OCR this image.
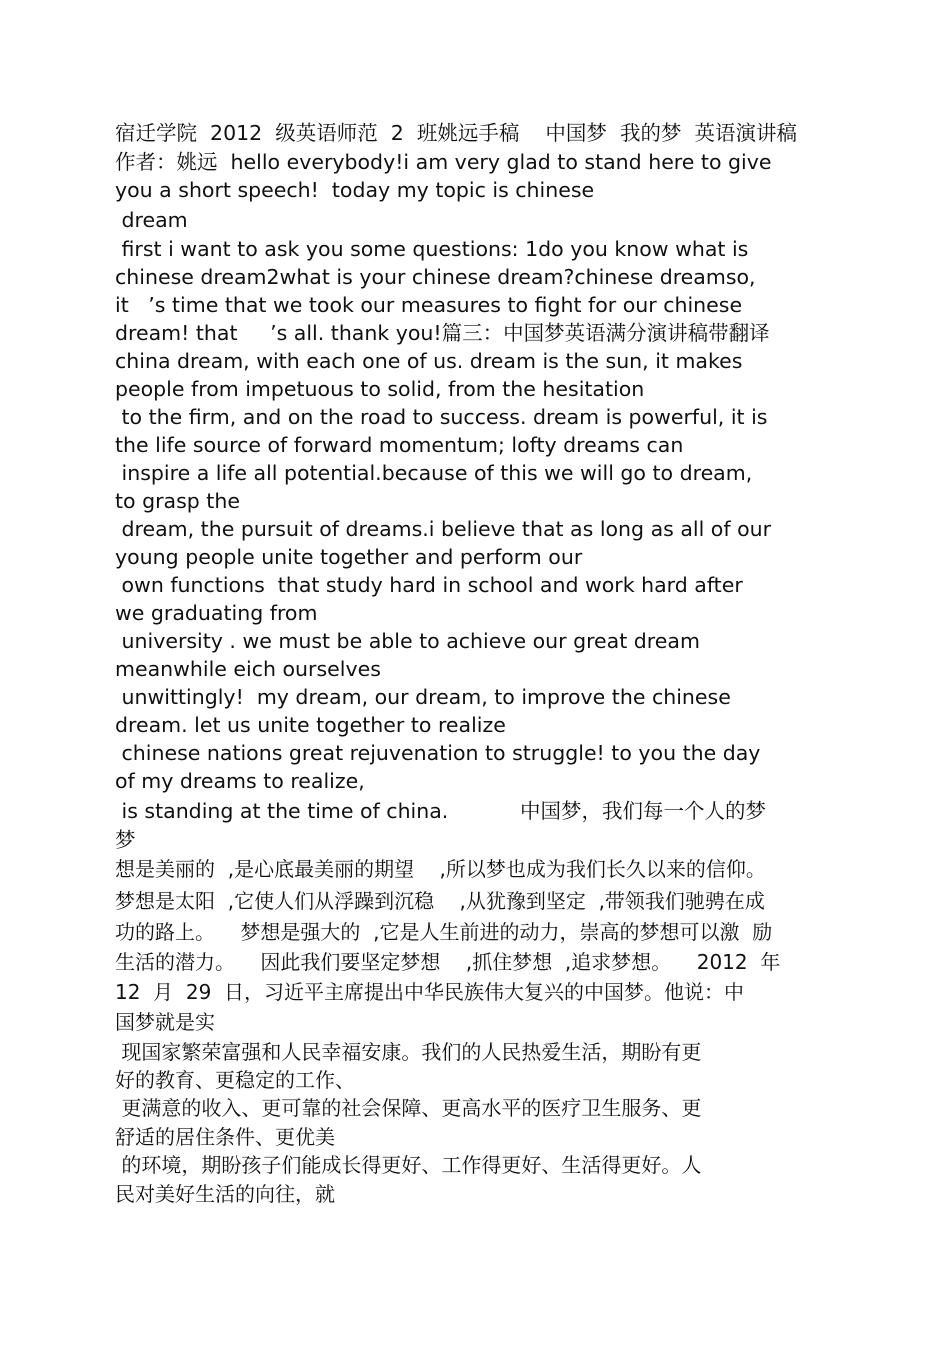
宿迁学院  2012  级英语师范  2  班姚远手稿    中国梦  我的梦  英语演讲稿
作者：姚远  hello everybody!i am very glad to stand here to give
you a short speech!  today my topic is chinese
dream
first i want to ask you some questions: 1do you know what is
chinese dream2what is your chinese dream?chinese dreamso,
it   ’s time that we took our measures to fight for our chinese
dream! that     ’s all. thank you!篇三：中国梦英语满分演讲稿带翻译
china dream, with each one of us. dream is the sun, it makes
people from impetuous to solid, from the hesitation
to the firm, and on the road to success. dream is powerful, it is
the life source of forward momentum; lofty dreams can
inspire a life all potential.because of this we will go to dream,
to grasp the
dream, the pursuit of dreams.i believe that as long as all of our
young people unite together and perform our
own functions  that study hard in school and work hard after
we graduating from
university . we must be able to achieve our great dream
meanwhile eich ourselves
unwittingly!  my dream, our dream, to improve the chinese
dream. let us unite together to realize
chinese nations great rejuvenation to struggle! to you the day
of my dreams to realize,
is standing at the time of china.           中国梦，我们每一个人的梦
梦
想是美丽的  ,是心底最美丽的期望    ,所以梦也成为我们长久以来的信仰。
梦想是太阳  ,它使人们从浮躁到沉稳    ,从犹豫到坚定  ,带领我们驰骋在成
功的路上。    梦想是强大的  ,它是人生前进的动力，崇高的梦想可以激  励
生活的潜力。    因此我们要坚定梦想    ,抓住梦想  ,追求梦想。    2012  年
12  月  29  日，习近平主席提出中华民族伟大复兴的中国梦。他说：中
国梦就是实
现国家繁荣富强和人民幸福安康。我们的人民热爱生活，期盼有更
好的教育、更稳定的工作、
更满意的收入、更可靠的社会保障、更高水平的医疗卫生服务、更
舒适的居住条件、更优美
的环境，期盼孩子们能成长得更好、工作得更好、生活得更好。人
民对美好生活的向往，就
